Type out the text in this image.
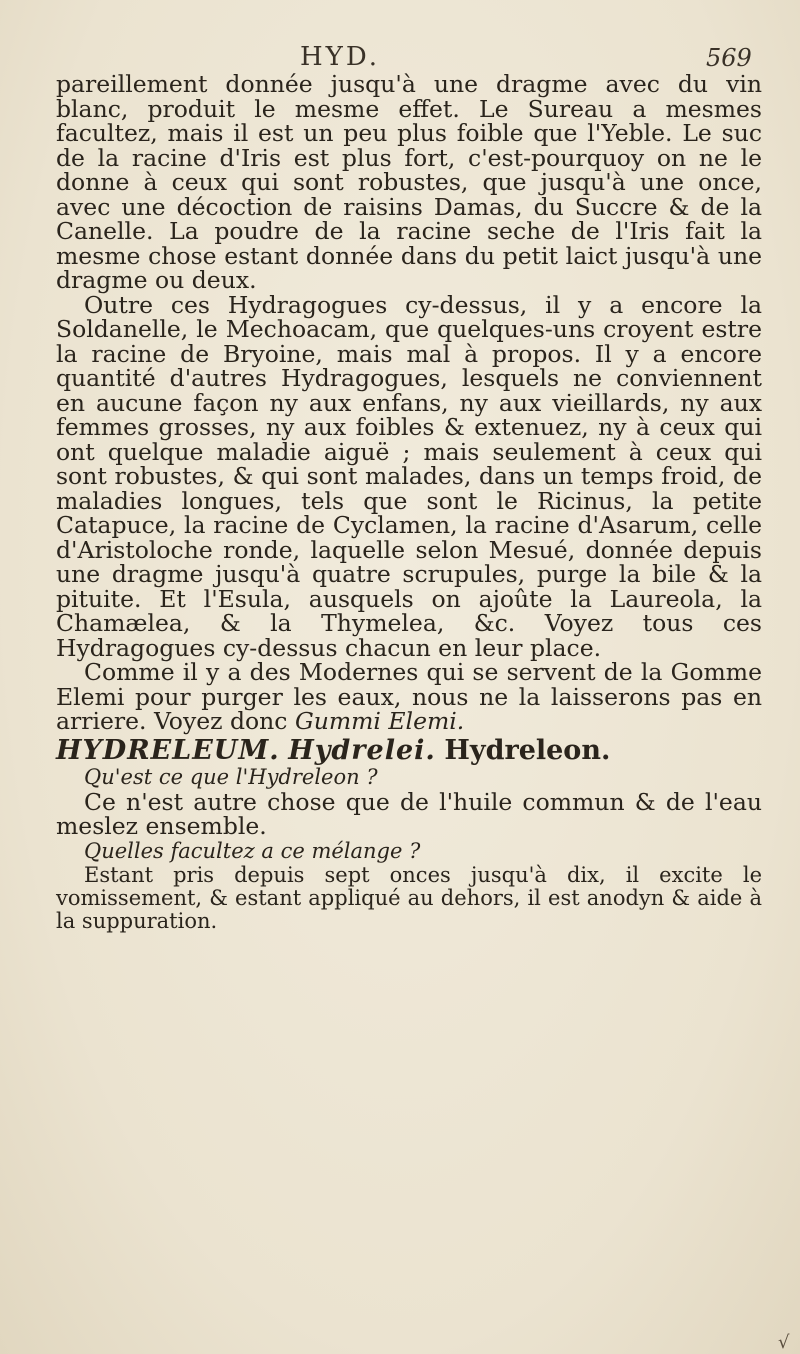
HYD.	569

pareillement donnée jusqu'à une dragme avec du vin blanc, produit le mesme effet. Le Sureau a mesmes facultez, mais il est un peu plus foible que l'Yeble. Le suc de la racine d'Iris est plus fort, c'est-pourquoy on ne le donne à ceux qui sont robustes, que jusqu'à une once, avec une décoction de raisins Damas, du Succre & de la Canelle. La poudre de la racine seche de l'Iris fait la mesme chose estant donnée dans du petit laict jusqu'à une dragme ou deux.

Outre ces Hydragogues cy-dessus, il y a encore la Soldanelle, le Mechoacam, que quelques-uns croyent estre la racine de Bryoine, mais mal à propos. Il y a encore quantité d'autres Hydragogues, lesquels ne conviennent en aucune façon ny aux enfans, ny aux vieillards, ny aux femmes grosses, ny aux foibles & extenuez, ny à ceux qui ont quelque maladie aiguë ; mais seulement à ceux qui sont robustes, & qui sont malades, dans un temps froid, de maladies longues, tels que sont le Ricinus, la petite Catapuce, la racine de Cyclamen, la racine d'Asarum, celle d'Aristoloche ronde, laquelle selon Mesué, donnée depuis une dragme jusqu'à quatre scrupules, purge la bile & la pituite. Et l'Esula, ausquels on ajoûte la Laureola, la Chamælea, & la Thymelea, &c. Voyez tous ces Hydragogues cy-dessus chacun en leur place.

Comme il y a des Modernes qui se servent de la Gomme Elemi pour purger les eaux, nous ne la laisserons pas en arriere. Voyez donc Gummi Elemi.

HYDRELEUM. Hydrelei. Hydreleon.

Qu'est ce que l'Hydreleon ?

Ce n'est autre chose que de l'huile commun & de l'eau meslez ensemble.

Quelles facultez a ce mélange ?

Estant pris depuis sept onces jusqu'à dix, il excite le vomissement, & estant appliqué au dehors, il est anodyn & aide à la suppuration.

√
